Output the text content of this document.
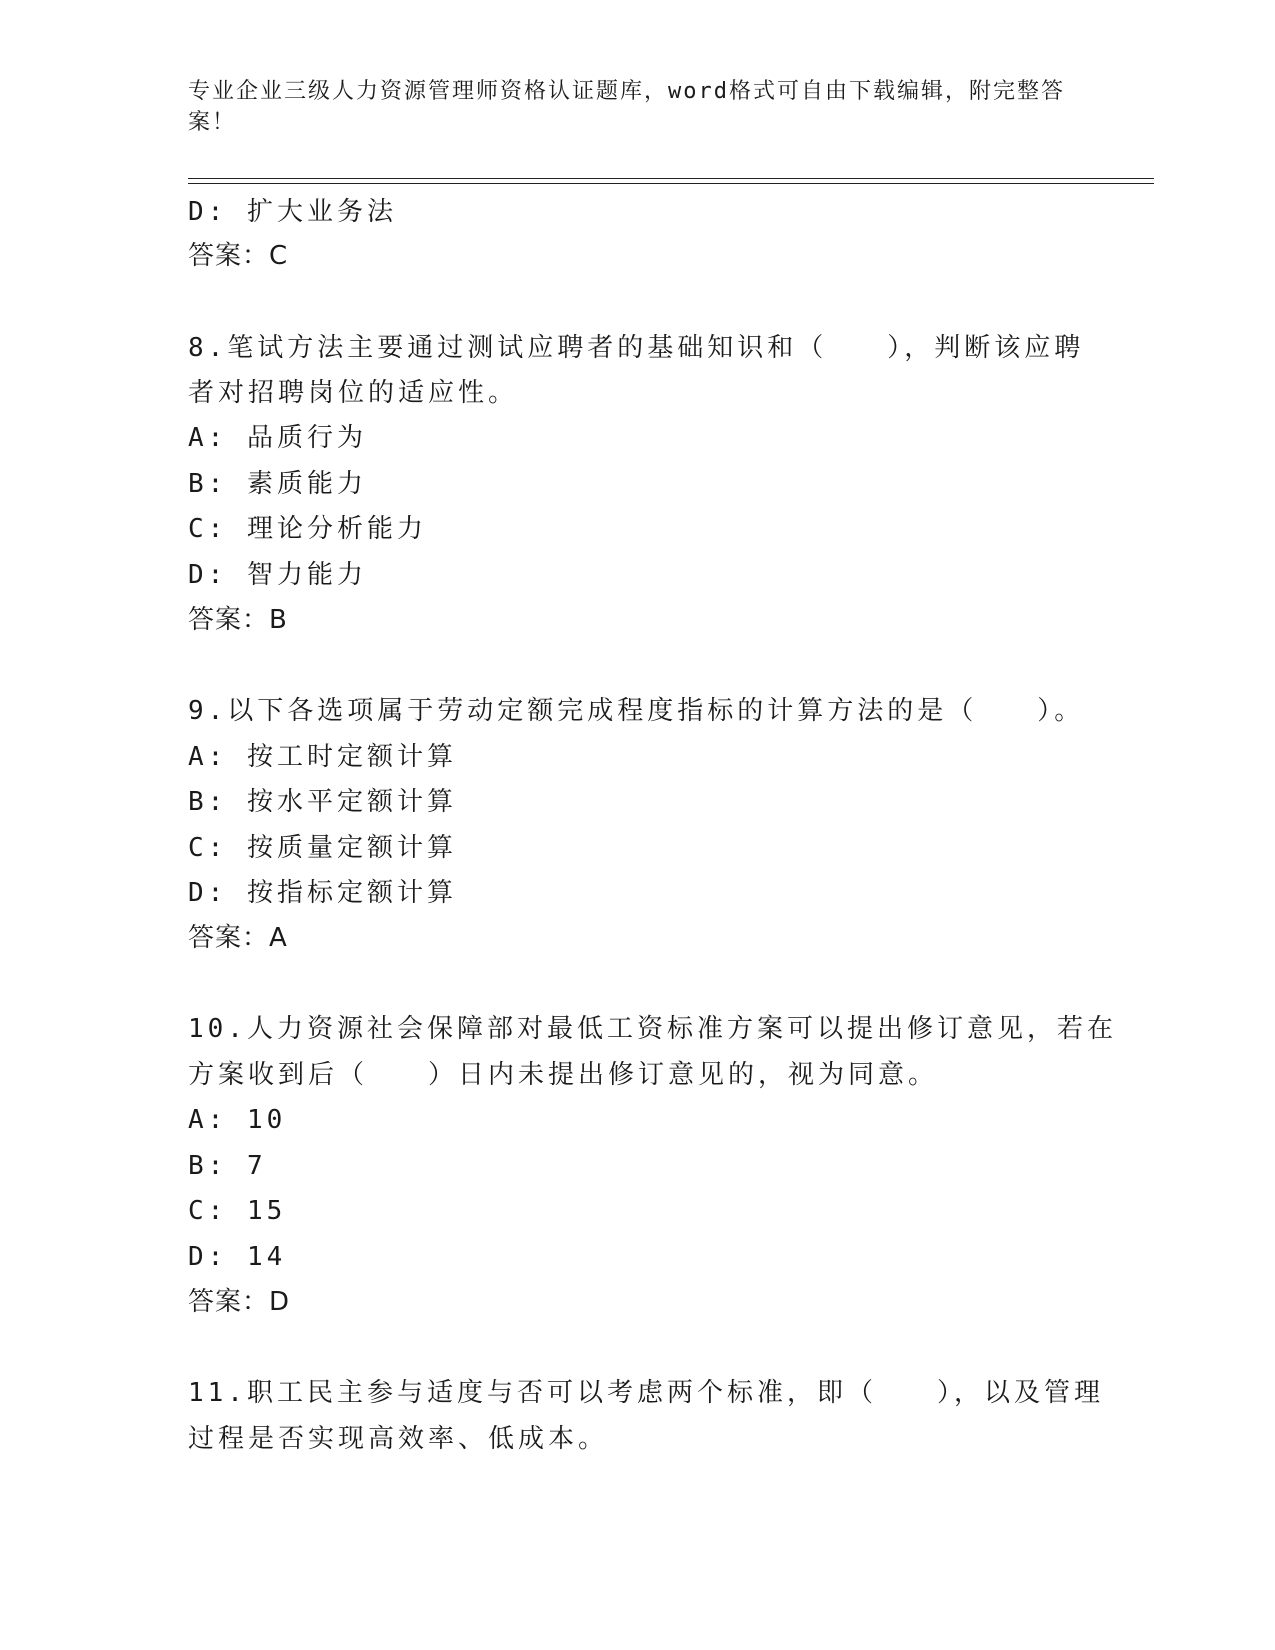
专业企业三级人力资源管理师资格认证题库，word格式可自由下载编辑，附完整答案！
D: 扩大业务法
答案：C
8.笔试方法主要通过测试应聘者的基础知识和（　　），判断该应聘
者对招聘岗位的适应性。
A: 品质行为
B: 素质能力
C: 理论分析能力
D: 智力能力
答案：B
9.以下各选项属于劳动定额完成程度指标的计算方法的是（　　）。
A: 按工时定额计算
B: 按水平定额计算
C: 按质量定额计算
D: 按指标定额计算
答案：A
10.人力资源社会保障部对最低工资标准方案可以提出修订意见，若在
方案收到后（　　）日内未提出修订意见的，视为同意。
A: 10
B: 7
C: 15
D: 14
答案：D
11.职工民主参与适度与否可以考虑两个标准，即（　　），以及管理
过程是否实现高效率、低成本。
